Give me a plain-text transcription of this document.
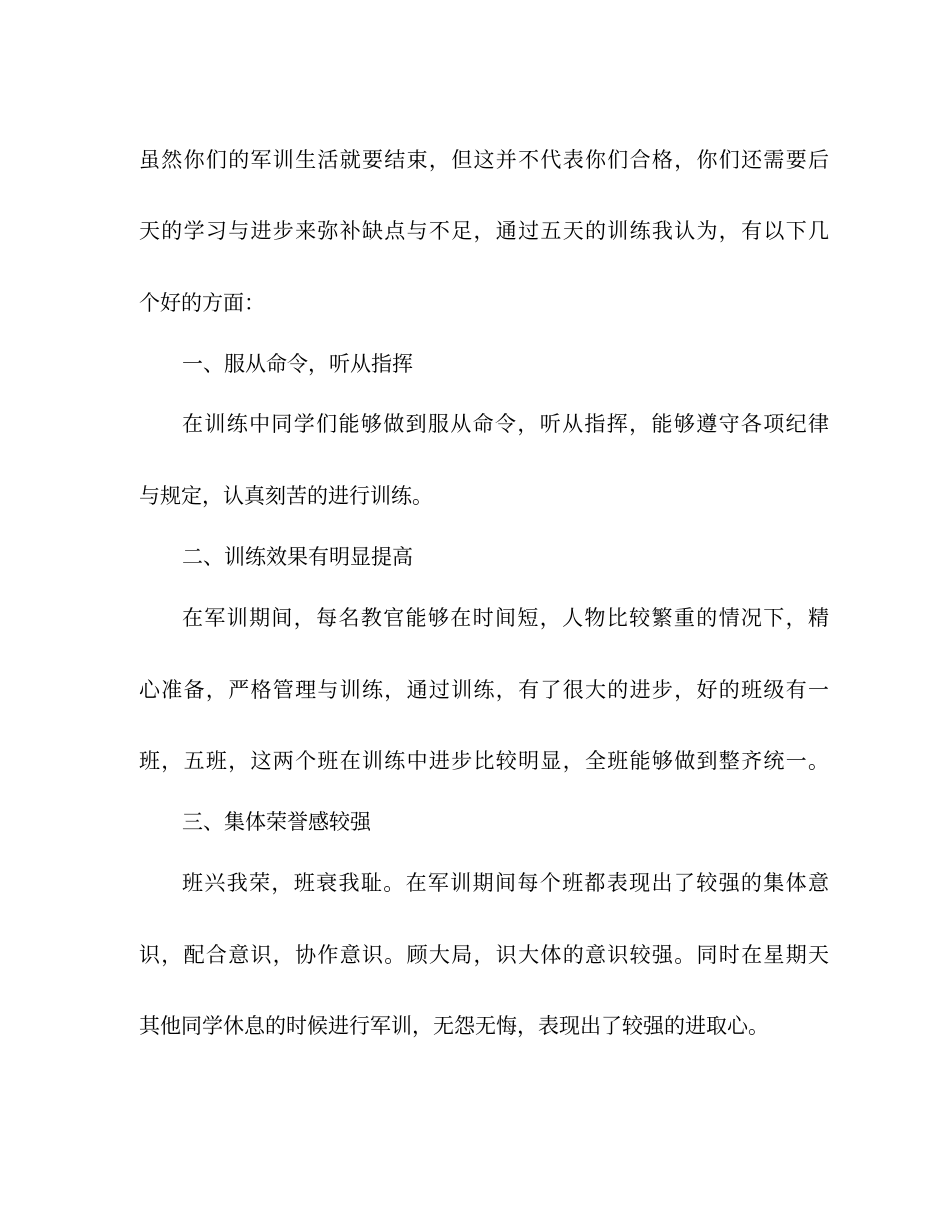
虽然你们的军训生活就要结束，但这并不代表你们合格，你们还需要后
天的学习与进步来弥补缺点与不足，通过五天的训练我认为，有以下几
个好的方面：
一、服从命令，听从指挥
在训练中同学们能够做到服从命令，听从指挥，能够遵守各项纪律
与规定，认真刻苦的进行训练。
二、训练效果有明显提高
在军训期间，每名教官能够在时间短，人物比较繁重的情况下，精
心准备，严格管理与训练，通过训练，有了很大的进步，好的班级有一
班，五班，这两个班在训练中进步比较明显，全班能够做到整齐统一。
三、集体荣誉感较强
班兴我荣，班衰我耻。在军训期间每个班都表现出了较强的集体意
识，配合意识，协作意识。顾大局，识大体的意识较强。同时在星期天
其他同学休息的时候进行军训，无怨无悔，表现出了较强的进取心。
